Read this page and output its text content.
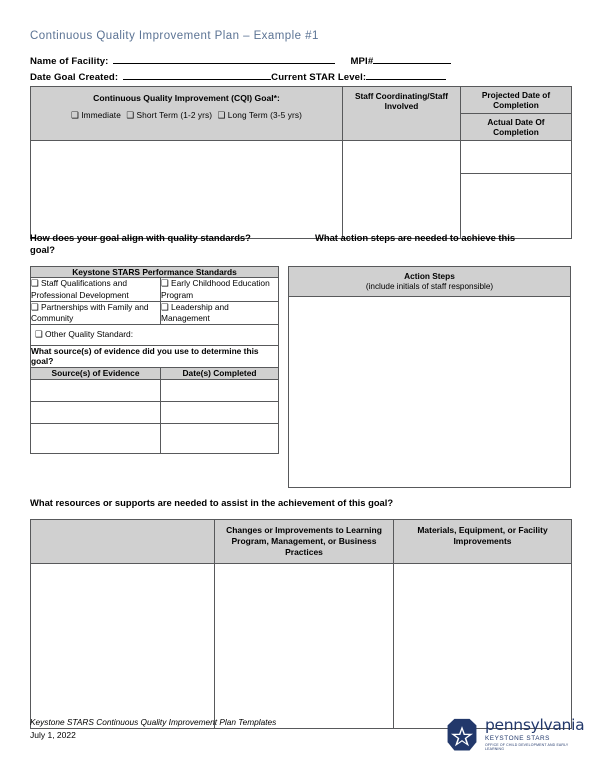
Continuous Quality Improvement Plan – Example #1
Name of Facility:	MPI#
Date Goal Created:	Current STAR Level:
Continuous Quality Improvement (CQI) Goal*:
❑ Immediate ❑ Short Term (1-2 yrs) ❑ Long Term (3-5 yrs)	Staff Coordinating/Staff Involved	Projected Date of Completion
		Actual Date Of Completion

How does your goal align with quality standards?
goal?
What action steps are needed to achieve this
Keystone STARS Performance Standards	
❑ Staff Qualifications and Professional Development	❑ Early Childhood Education Program
❑ Partnerships with Family and Community	❑ Leadership and Management
❑ Other Quality Standard:	
What source(s) of evidence did you use to determine this goal?	
Source(s) of Evidence	Date(s) Completed

Action Steps
(include initials of staff responsible)

What resources or supports are needed to assist in the achievement of this goal?
	Changes or Improvements to Learning Program, Management, or Business Practices	Materials, Equipment, or Facility Improvements

Keystone STARS Continuous Quality Improvement Plan Templates
July 1, 2022
pennsylvania
KEYSTONE STARS
OFFICE OF CHILD DEVELOPMENT AND EARLY LEARNING
